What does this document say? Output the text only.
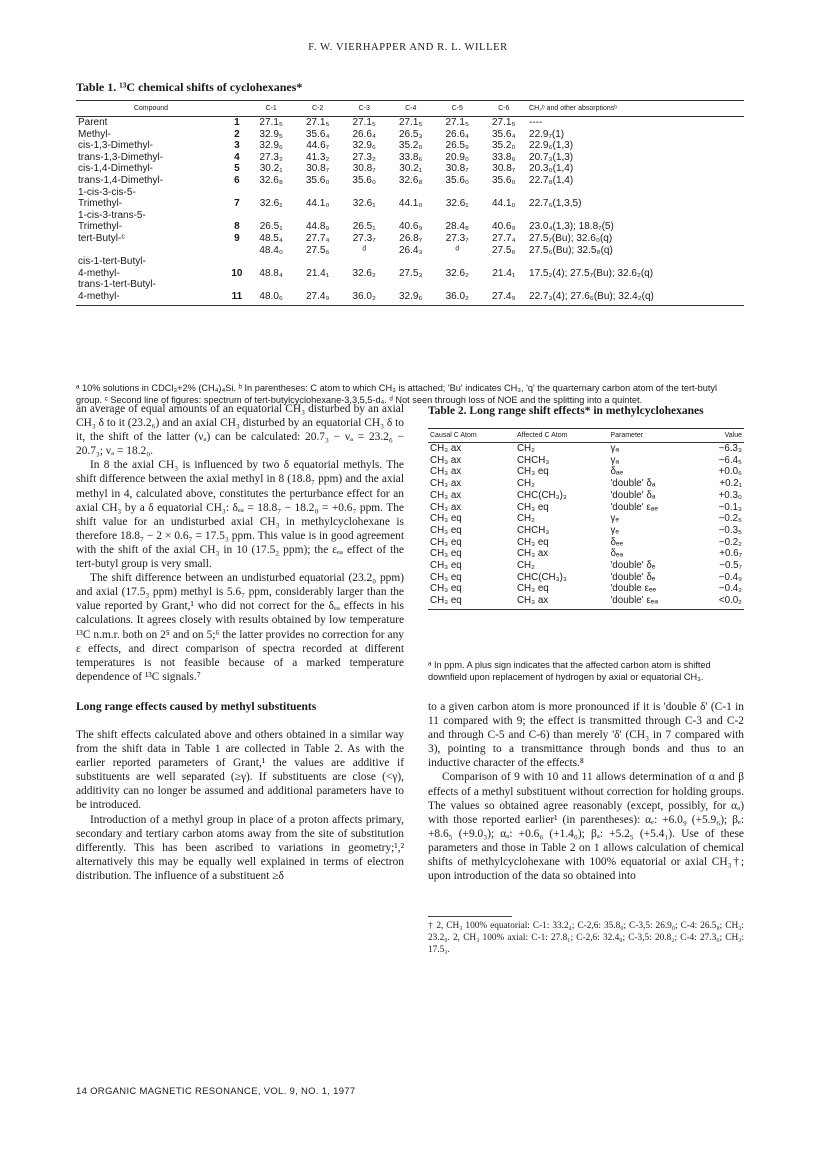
F. W. VIERHAPPER AND R. L. WILLER
Table 1. ¹³C chemical shifts of cyclohexanes*
Compound		C-1	C-2	C-3	C-4	C-5	C-6	CH₃ᵇ and other absorptionsᵇ
Parent	1	27.1₅	27.1₅	27.1₅	27.1₅	27.1₅	27.1₅	----
Methyl-	2	32.9₅	35.6₄	26.6₄	26.5₃	26.6₄	35.6₄	22.9₇(1)
cis-1,3-Dimethyl-	3	32.9₆	44.6₇	32.9₆	35.2₀	26.5₉	35.2₀	22.9₆(1,3)
trans-1,3-Dimethyl-	4	27.3₂	41.3₂	27.3₂	33.8₆	20.9₀	33.8₆	20.7₃(1,3)
cis-1,4-Dimethyl-	5	30.2₁	30.8₇	30.8₇	30.2₁	30.8₇	30.8₇	20.3₀(1,4)
trans-1,4-Dimethyl-	6	32.6₈	35.6₀	35.6₀	32.6₈	35.6₀	35.6₀	22.7₈(1,4)
1-cis-3-cis-5-								
Trimethyl-	7	32.6₁	44.1₀	32.6₁	44.1₀	32.6₁	44.1₀	22.7₆(1,3,5)
1-cis-3-trans-5-								
Trimethyl-	8	26.5₁	44.8₉	26.5₁	40.6₉	28.4₈	40.6₉	23.0₄(1,3); 18.8₇(5)
tert-Butyl-ᶜ	9	48.5₄	27.7₄	27.3₇	26.8₇	27.3₇	27.7₄	27.5₇(Bu); 32.6₀(q)
		48.4₀	27.5₆	ᵈ	26.4₃	ᵈ	27.5₆	27.5₆(Bu); 32.5₈(q)
cis-1-tert-Butyl-								
4-methyl-	10	48.8₄	21.4₁	32.6₂	27.5₃	32.6₂	21.4₁	17.5₂(4); 27.5₇(Bu); 32.6₂(q)
trans-1-tert-Butyl-								
4-methyl-	11	48.0₆	27.4₉	36.0₂	32.9₆	36.0₂	27.4₉	22.7₃(4); 27.6₆(Bu); 32.4₂(q)
ᵃ 10% solutions in CDCl₃+2% (CH₄)₄Si. ᵇ In parentheses: C atom to which CH₃ is attached; 'Bu' indicates CH₃, 'q' the quarternary carbon atom of the tert-butyl group. ᶜ Second line of figures: spectrum of tert-butylcyclohexane-3,3,5,5-d₄. ᵈ Not seen through loss of NOE and the splitting into a quintet.

an average of equal amounts of an equatorial CH₃ disturbed by an axial CH₃ δ to it (23.2₆) and an axial CH₃ disturbed by an equatorial CH₃ δ to it, the shift of the latter (νₐ) can be calculated: 20.7₃ − νₐ = 23.2₆ − 20.7₃; νₐ = 18.2₀.

In 8 the axial CH₃ is influenced by two δ equatorial methyls. The shift difference between the axial methyl in 8 (18.8₇ ppm) and the axial methyl in 4, calculated above, constitutes the perturbance effect for an axial CH₃ by a δ equatorial CH₃: δₑₐ = 18.8₇ − 18.2₀ = +0.6₇ ppm. The shift value for an undisturbed axial CH₃ in methylcyclohexane is therefore 18.8₇ − 2 × 0.6₇ = 17.5₃ ppm. This value is in good agreement with the shift of the axial CH₃ in 10 (17.5₂ ppm); the εₑₐ effect of the tert-butyl group is very small.

The shift difference between an undisturbed equatorial (23.2₀ ppm) and axial (17.5₃ ppm) methyl is 5.6₇ ppm, considerably larger than the value reported by Grant,¹ who did not correct for the δₑₐ effects in his calculations. It agrees closely with results obtained by low temperature ¹³C n.m.r. both on 2⁵ and on 5;⁶ the latter provides no correction for any ε effects, and direct comparison of spectra recorded at different temperatures is not feasible because of a marked temperature dependence of ¹³C signals.⁷

Long range effects caused by methyl substituents

The shift effects calculated above and others obtained in a similar way from the shift data in Table 1 are collected in Table 2. As with the earlier reported parameters of Grant,¹ the values are additive if substituents are well separated (≥γ). If substituents are close (<γ), additivity can no longer be assumed and additional parameters have to be introduced.

Introduction of a methyl group in place of a proton affects primary, secondary and tertiary carbon atoms away from the site of substitution differently. This has been ascribed to variations in geometry;¹,² alternatively this may be equally well explained in terms of electron distribution. The influence of a substituent ≥δ

Table 2. Long range shift effects* in methylcyclohexanes
Causal C Atom	Affected C Atom	Parameter	Value
CH₃ ax	CH₂	γₐ	−6.3₃
CH₃ ax	CHCH₃	γₐ	−6.4₅
CH₃ ax	CH₃ eq	δₐₑ	+0.0₆
CH₃ ax	CH₂	'double' δₐ	+0.2₁
CH₃ ax	CHC(CH₃)₃	'double' δₐ	+0.3₀
CH₃ ax	CH₃ eq	'double' εₐₑ	−0.1₃
CH₃ eq	CH₂	γₑ	−0.2₅
CH₃ eq	CHCH₃	γₑ	−0.3₅
CH₃ eq	CH₃ eq	δₑₑ	−0.2₂
CH₃ eq	CH₃ ax	δₑₐ	+0.6₇
CH₃ eq	CH₂	'double' δₑ	−0.5₇
CH₃ eq	CHC(CH₃)₃	'double' δₑ	−0.4₉
CH₃ eq	CH₃ eq	'double εₑₑ	−0.4₂
CH₃ eq	CH₃ ax	'double' εₑₐ	<0.0₂
ᵃ In ppm. A plus sign indicates that the affected carbon atom is shifted downfield upon replacement of hydrogen by axial or equatorial CH₃.

to a given carbon atom is more pronounced if it is 'double δ' (C-1 in 11 compared with 9; the effect is transmitted through C-3 and C-2 and through C-5 and C-6) than merely 'δ' (CH₃ in 7 compared with 3), pointing to a transmittance through bonds and thus to an inductive character of the effects.⁸

Comparison of 9 with 10 and 11 allows determination of α and β effects of a methyl substituent without correction for holding groups. The values so obtained agree reasonably (except, possibly, for αₐ) with those reported earlier¹ (in parentheses): αₑ: +6.0₉ (+5.9₆); βₑ: +8.6₅ (+9.0₃); αₐ: +0.6₆ (+1.4₀); βₐ: +5.2₅ (+5.4₁). Use of these parameters and those in Table 2 on 1 allows calculation of chemical shifts of methylcyclohexane with 100% equatorial or axial CH₃†; upon introduction of the data so obtained into

† 2, CH₃ 100% equatorial: C-1: 33.2₄; C-2,6: 35.8₀; C-3,5: 26.9₀; C-4: 26.5₈; CH₃: 23.2₀. 2, CH₃ 100% axial: C-1: 27.8₁; C-2,6: 32.4₀; C-3,5: 20.8₂; C-4: 27.3₆; CH₃: 17.5₃.
14 ORGANIC MAGNETIC RESONANCE, VOL. 9, NO. 1, 1977
